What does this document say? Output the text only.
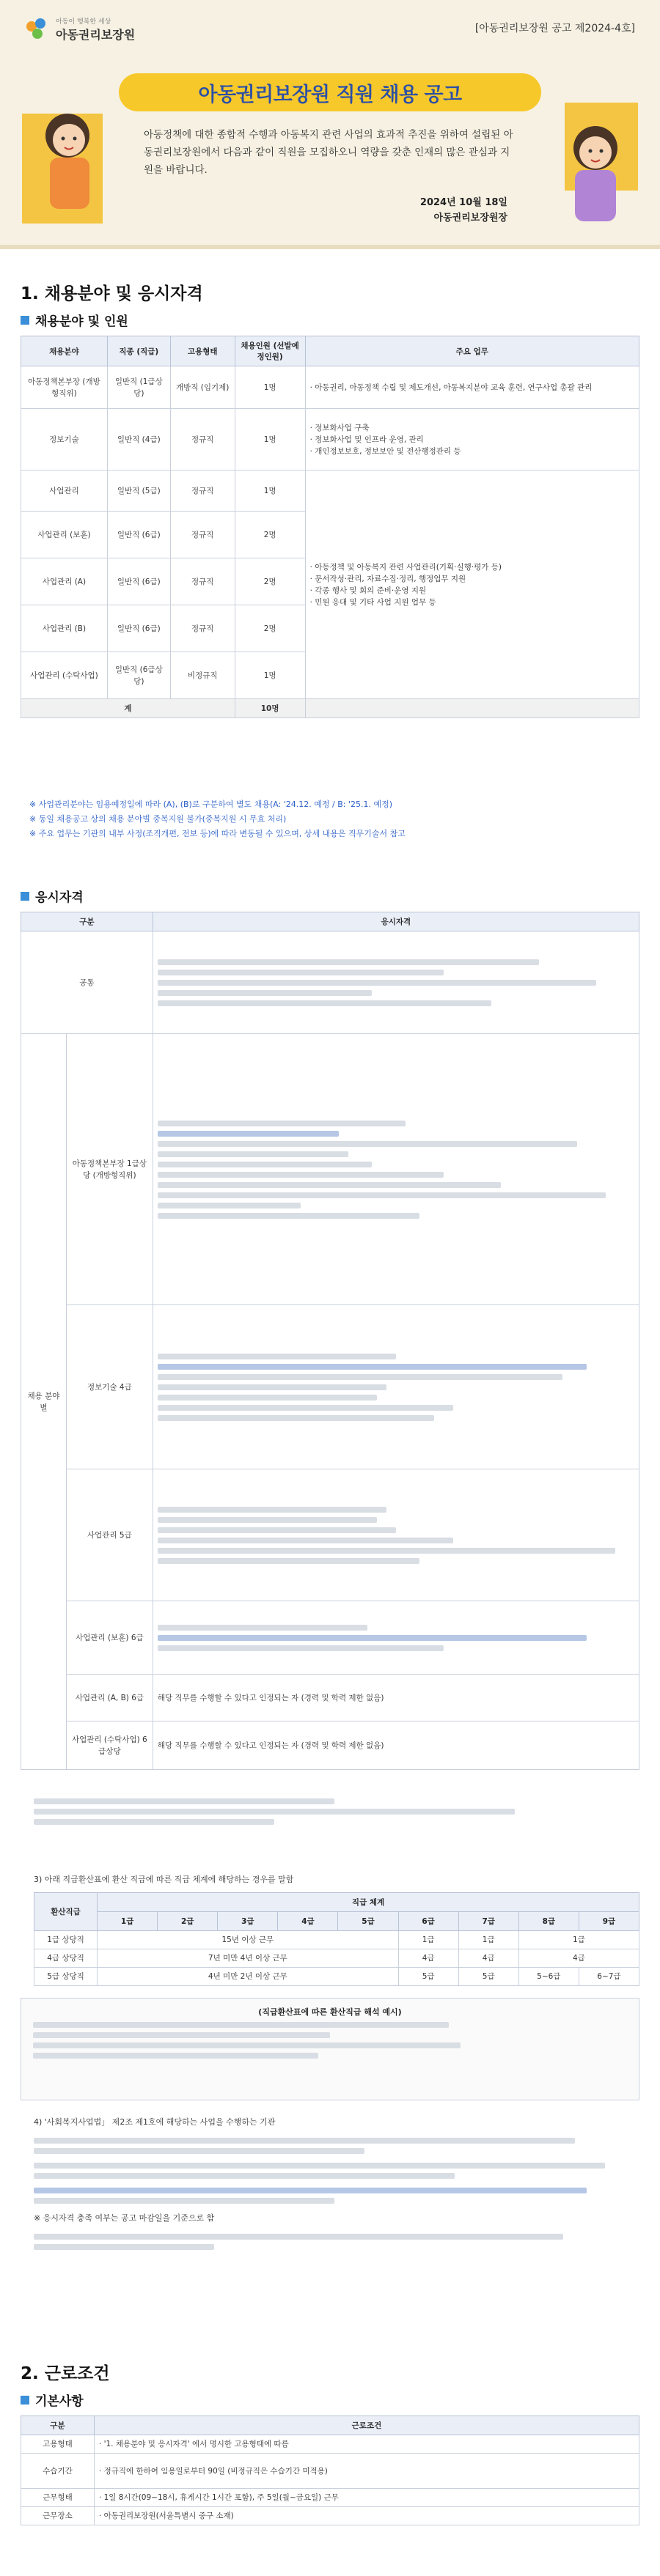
아동이 행복한 세상
아동권리보장원	[아동권리보장원 공고 제2024-4호]
아동권리보장원 직원 채용 공고
아동정책에 대한 종합적 수행과 아동복지 관련 사업의 효과적 추진을 위하여 설립된 아동권리보장원에서 다음과 같이 직원을 모집하오니 역량을 갖춘 인재의 많은 관심과 지원을 바랍니다.
2024년 10월 18일
아동권리보장원장
1. 채용분야 및 응시자격
채용분야 및 인원
채용분야	직종 (직급)	고용형태	채용인원 (선발예정인원)	주요 업무
아동정책본부장 (개방형직위)	일반직 (1급상당)	개방직 (임기제)	1명	· 아동권리, 아동정책 수립 및 제도개선, 아동복지분야 교육 훈련, 연구사업 총괄 관리
정보기술	일반직 (4급)	정규직	1명	· 정보화사업 구축
· 정보화사업 및 인프라 운영, 관리
· 개인정보보호, 정보보안 및 전산행정관리 등

사업관리	일반직 (5급)	정규직	1명	· 아동정책 및 아동복지 관련 사업관리(기획·실행·평가 등)
· 문서작성·관리, 자료수집·정리, 행정업무 지원
· 각종 행사 및 회의 준비·운영 지원
· 민원 응대 및 기타 사업 지원 업무 등

사업관리 (보훈)	일반직 (6급)	정규직	2명	
사업관리 (A)	일반직 (6급)	정규직	2명	
사업관리 (B)	일반직 (6급)	정규직	2명	
사업관리 (수탁사업)	일반직 (6급상당)	비정규직	1명	
계			10명	
※ 사업관리분야는 임용예정일에 따라 (A), (B)로 구분하여 별도 채용(A: '24.12. 예정 / B: '25.1. 예정)
※ 동일 채용공고 상의 채용 분야별 중복지원 불가(중복지원 시 무효 처리)
※ 주요 업무는 기관의 내부 사정(조직개편, 전보 등)에 따라 변동될 수 있으며, 상세 내용은 직무기술서 참고
응시자격
구분		응시자격
공통		

채용 분야별	아동정책본부장 1급상당 (개방형직위)	

	정보기술 4급	

	사업관리 5급	

	사업관리 (보훈) 6급	

	사업관리 (A, B) 6급	해당 직무를 수행할 수 있다고 인정되는 자 (경력 및 학력 제한 없음)
	사업관리 (수탁사업) 6급상당	해당 직무를 수행할 수 있다고 인정되는 자 (경력 및 학력 제한 없음)
3) 아래 직급환산표에 환산 직급에 따른 직급 체계에 해당하는 경우를 말함
환산직급	직급 체계								
	1급	2급	3급	4급	5급	6급	7급	8급	9급
1급 상당직	15년 이상 근무					1급	1급	1급	
4급 상당직	7년 미만 4년 이상 근무					4급	4급	4급	
5급 상당직	4년 미만 2년 이상 근무					5급	5급	5~6급	6~7급
(직급환산표에 따른 환산직급 해석 예시)
4) '사회복지사업법」 제2조 제1호에 해당하는 사업을 수행하는 기관
※ 응시자격 충족 여부는 공고 마감일을 기준으로 함
2. 근로조건
기본사항
구분	근로조건
고용형태	· '1. 채용분야 및 응시자격' 에서 명시한 고용형태에 따름
수습기간	· 정규직에 한하여 임용일로부터 90일 (비정규직은 수습기간 미적용)
근무형태	· 1일 8시간(09~18시, 휴게시간 1시간 포함), 주 5일(월~금요일) 근무
근무장소	· 아동권리보장원(서울특별시 중구 소재)
